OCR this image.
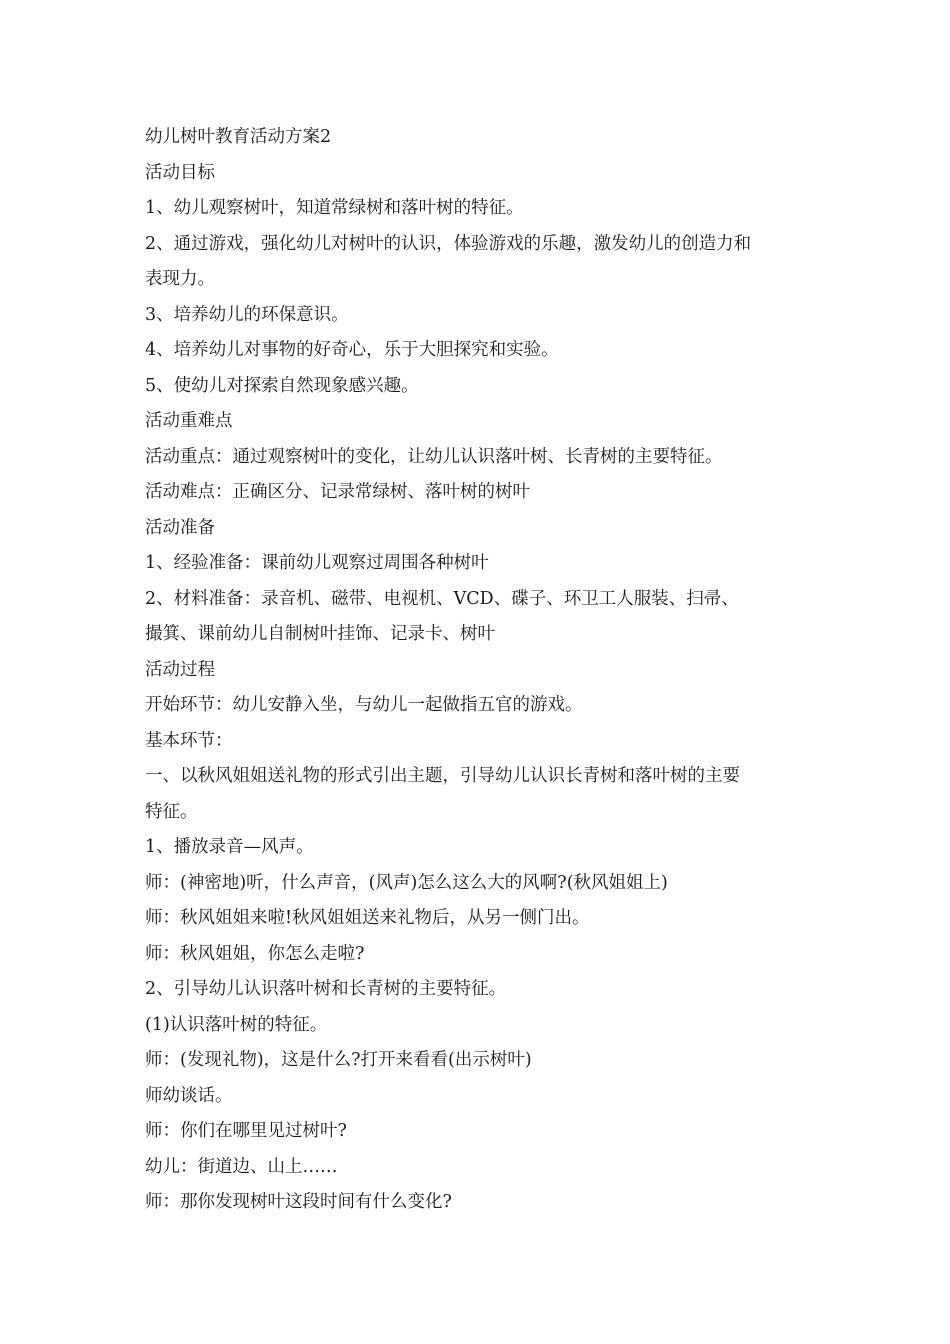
幼儿树叶教育活动方案2
活动目标
1、幼儿观察树叶，知道常绿树和落叶树的特征。
2、通过游戏，强化幼儿对树叶的认识，体验游戏的乐趣，激发幼儿的创造力和
表现力。
3、培养幼儿的环保意识。
4、培养幼儿对事物的好奇心，乐于大胆探究和实验。
5、使幼儿对探索自然现象感兴趣。
活动重难点
活动重点：通过观察树叶的变化，让幼儿认识落叶树、长青树的主要特征。
活动难点：正确区分、记录常绿树、落叶树的树叶
活动准备
1、经验准备：课前幼儿观察过周围各种树叶
2、材料准备：录音机、磁带、电视机、VCD、碟子、环卫工人服装、扫帚、
撮箕、课前幼儿自制树叶挂饰、记录卡、树叶
活动过程
开始环节：幼儿安静入坐，与幼儿一起做指五官的游戏。
基本环节：
一、以秋风姐姐送礼物的形式引出主题，引导幼儿认识长青树和落叶树的主要
特征。
1、播放录音—风声。
师：(神密地)听，什么声音，(风声)怎么这么大的风啊?(秋风姐姐上)
师：秋风姐姐来啦!秋风姐姐送来礼物后，从另一侧门出。
师：秋风姐姐，你怎么走啦?
2、引导幼儿认识落叶树和长青树的主要特征。
(1)认识落叶树的特征。
师：(发现礼物)，这是什么?打开来看看(出示树叶)
师幼谈话。
师：你们在哪里见过树叶?
幼儿：街道边、山上……
师：那你发现树叶这段时间有什么变化?
